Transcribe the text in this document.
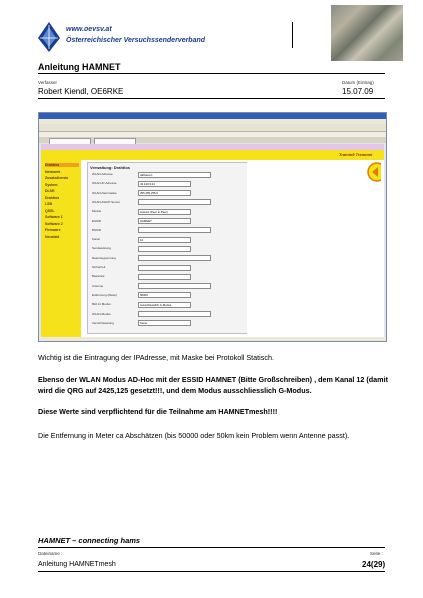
www.oevsv.at
Österreichischer Versuchssenderverband
Anleitung HAMNET
Verfasser
Robert Kiendl, OE6RKE
Datum (Eintrag)
15.07.09
Trainin9 Tremmel
Drahtlos
Netzwerk
Zusatzdienste
System
DLSR
Drahtlos
LSB
QSSL
Software 1
Software 2
Firmware
Neustart
Verwaltung: Drahtlos
WLAN-Adresse	Aktivieren
WLAN-IP-Adresse	44.143.9.14
WLAN-Netzmaske	255.255.255.0
WLAN-DHCP-Server
Modus	Ad-Hoc (Peer to Peer)
ESSID	HAMNET
BSSID
Kanal	12
Sendeleistung
Ratenbegrenzung
Sicherheit
Basisrate
Antenne
Entfernung (Meter)	50000
802.11 Modus	Ausschliesslich G-Modus
WLAN-Modus
Verschlüsselung	Keine
Wichtig ist die Eintragung der IPAdresse, mit Maske bei Protokoll Statisch.
Ebenso der WLAN Modus AD-Hoc mit der ESSID HAMNET (Bitte Großschreiben) , dem Kanal 12 (damit wird die QRG auf 2425,125 gesetzt!!!, und dem Modus ausschliesslich G-Modus.
Diese Werte sind verpflichtend für die Teilnahme am HAMNETmesh!!!!
Die Entfernung in Meter ca Abschätzen (bis 50000 oder 50km kein Problem wenn Antenne passt).
HAMNET – connecting hams
Dateiname :
Anleitung HAMNETmesh
Seite :
24(29)
